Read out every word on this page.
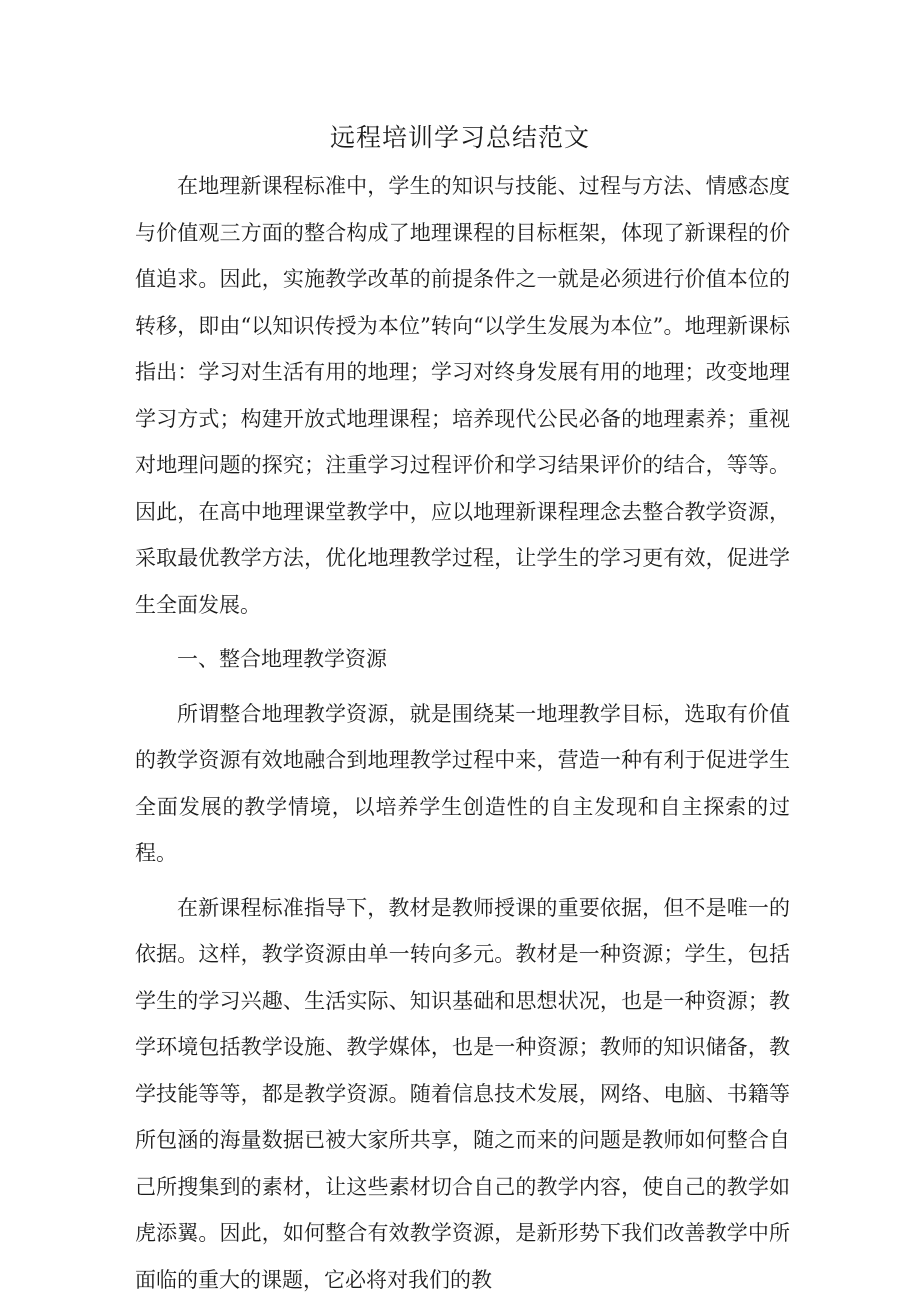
远程培训学习总结范文

在地理新课程标准中，学生的知识与技能、过程与方法、情感态度与价值观三方面的整合构成了地理课程的目标框架，体现了新课程的价值追求。因此，实施教学改革的前提条件之一就是必须进行价值本位的转移，即由“以知识传授为本位”转向“以学生发展为本位”。地理新课标指出：学习对生活有用的地理；学习对终身发展有用的地理；改变地理学习方式；构建开放式地理课程；培养现代公民必备的地理素养；重视对地理问题的探究；注重学习过程评价和学习结果评价的结合，等等。因此，在高中地理课堂教学中，应以地理新课程理念去整合教学资源，采取最优教学方法，优化地理教学过程，让学生的学习更有效，促进学生全面发展。

一、整合地理教学资源

所谓整合地理教学资源，就是围绕某一地理教学目标，选取有价值的教学资源有效地融合到地理教学过程中来，营造一种有利于促进学生全面发展的教学情境，以培养学生创造性的自主发现和自主探索的过程。

在新课程标准指导下，教材是教师授课的重要依据，但不是唯一的依据。这样，教学资源由单一转向多元。教材是一种资源；学生，包括学生的学习兴趣、生活实际、知识基础和思想状况，也是一种资源；教学环境包括教学设施、教学媒体，也是一种资源；教师的知识储备，教学技能等等，都是教学资源。随着信息技术发展，网络、电脑、书籍等所包涵的海量数据已被大家所共享，随之而来的问题是教师如何整合自己所搜集到的素材，让这些素材切合自己的教学内容，使自己的教学如虎添翼。因此，如何整合有效教学资源，是新形势下我们改善教学中所面临的重大的课题，它必将对我们的教
